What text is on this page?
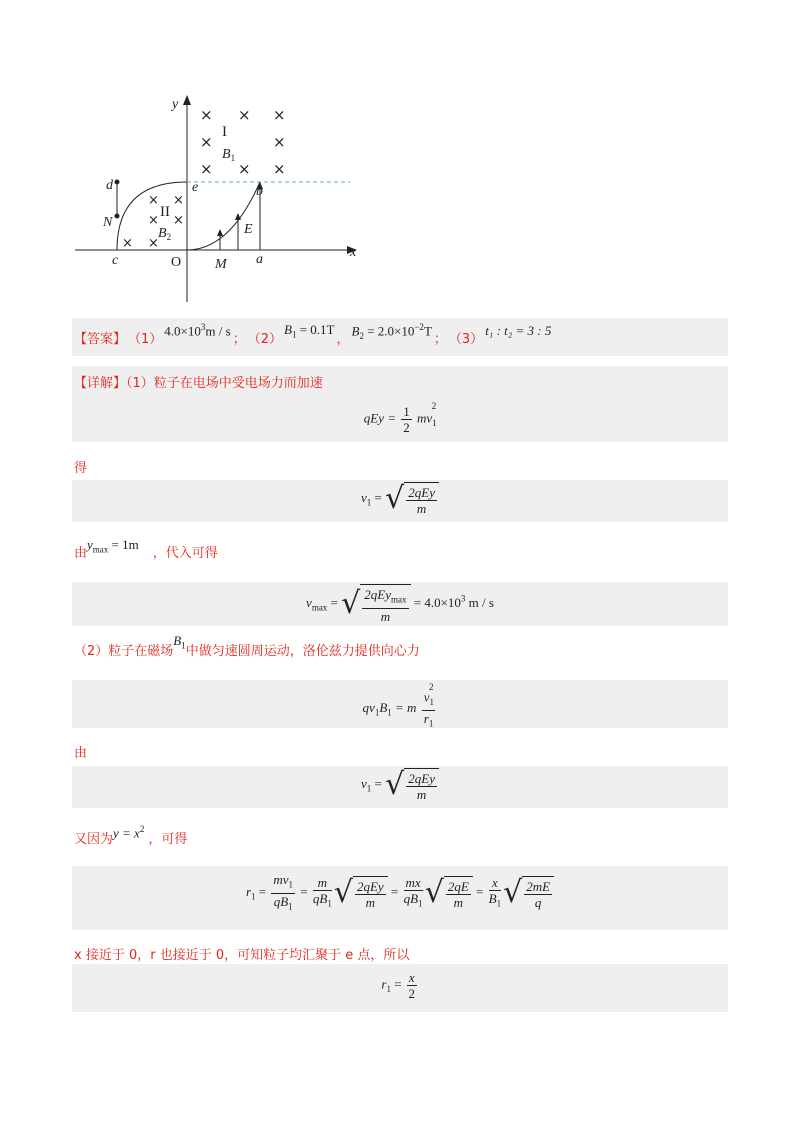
× × ×
×	×
× × ×
× ×
× ×
× ×
y
x
O
d
N
c
e	b
M a
E
$B_1$
$B_2$
I
II
【答案】 （1）
$4.0\times 10^3m / s$
； （2）
$B_1 = 0.1T$
，
$B_2 = 2.0\times 10^{-2}T$
； （3）
t₁ : t₂ = 3 : 5
【详解】（1）粒子在电场中受电场力而加速
qEy = $\frac{1}{2} mv_1^2$
得
$v_1$ = √ $\frac{\text{2qEy}}{m}$
由
$y_{max} = 1m$
，代入可得
$v_{max}$ = √ $\frac{2qEy_{max}}{m} = 4.0\times 10^3$ m / s
（2）粒子在磁场
$B_1$ 中做匀速圆周运动，洛伦兹力提供向心力
$qv_1B_1 = m \frac{v_1^2}{r_1}$
由
$v_1$ = √ $\frac{\text{2qEy}}{m}$
又因为 $y = x^2$
，可得
$r_1 = \frac{mv_1}{qB_1} = \frac{m}{qB_1}$ √ $\frac{\text{2qEy}}{m} = \frac{mx}{qB_1}$ √ $\frac{2qE}{m} = \frac{x}{B_1}$ √ $\frac{2mE}{q}$
x 接近于 0，r 也接近于 0，可知粒子均汇聚于 e 点，所以
$r_1 = \frac{x}{2}$
